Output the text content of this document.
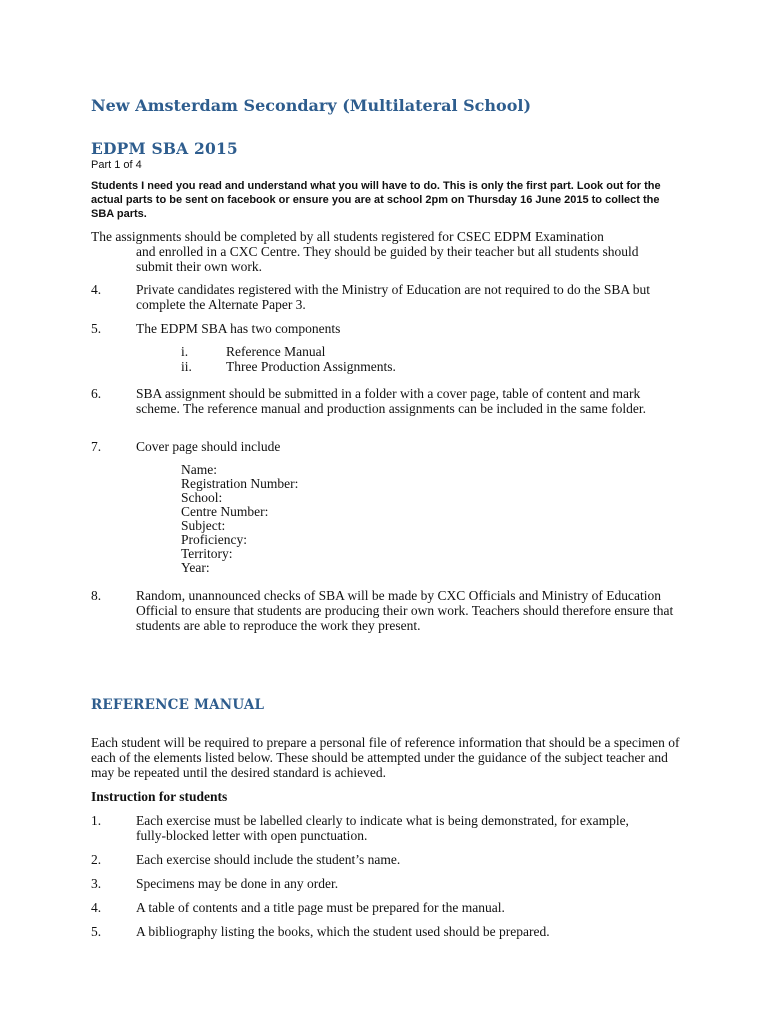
New Amsterdam Secondary (Multilateral School)
EDPM SBA 2015
Part 1 of 4

Students I need you read and understand what you will have to do. This is only the first part. Look out for the actual parts to be sent on facebook or ensure you are at school 2pm on Thursday 16 June 2015 to collect the SBA parts.

The assignments should be completed by all students registered for CSEC EDPM Examination
and enrolled in a CXC Centre. They should be guided by their teacher but all students should submit their own work.
4.	Private candidates registered with the Ministry of Education are not required to do the SBA but complete the Alternate Paper 3.
5.	The EDPM SBA has two components
i.	Reference Manual
ii.	Three Production Assignments.
6.	SBA assignment should be submitted in a folder with a cover page, table of content and mark scheme. The reference manual and production assignments can be included in the same folder.
7.	Cover page should include
Name:
Registration Number:
School:
Centre Number:
Subject:
Proficiency:
Territory:
Year:
8.	Random, unannounced checks of SBA will be made by CXC Officials and Ministry of Education Official to ensure that students are producing their own work. Teachers should therefore ensure that students are able to reproduce the work they present.
REFERENCE MANUAL

Each student will be required to prepare a personal file of reference information that should be a specimen of each of the elements listed below. These should be attempted under the guidance of the subject teacher and may be repeated until the desired standard is achieved.

Instruction for students
1.	Each exercise must be labelled clearly to indicate what is being demonstrated, for example, fully-blocked letter with open punctuation.
2.	Each exercise should include the student’s name.
3.	Specimens may be done in any order.
4.	A table of contents and a title page must be prepared for the manual.
5.	A bibliography listing the books, which the student used should be prepared.
